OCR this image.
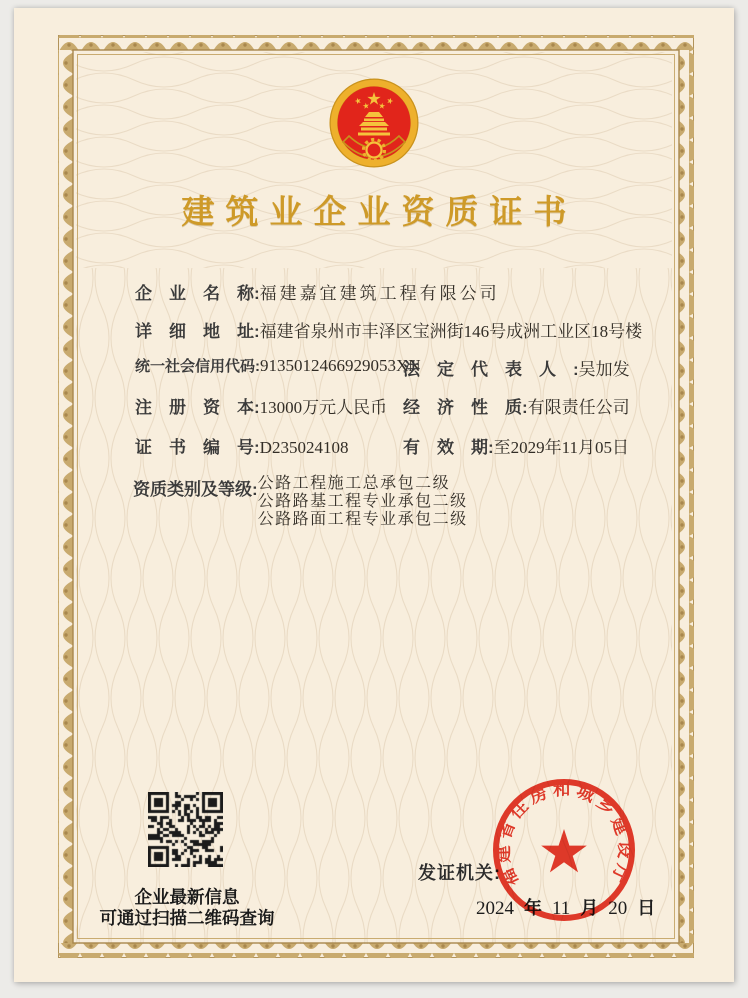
建筑业企业资质证书
企　业　名　称:福建嘉宜建筑工程有限公司
详　细　地　址:福建省泉州市丰泽区宝洲街146号成洲工业区18号楼
统一社会信用代码:9135012466929053XN
法　定　代　表　人　:吴加发
注　册　资　本:13000万元人民币 经　济　性　质:有限责任公司
证　书　编　号:D235024108	有　效　期:至2029年11月05日
资质类别及等级: 公路工程施工总承包二级
公路路基工程专业承包二级
公路路面工程专业承包二级
企业最新信息
可通过扫描二维码查询
发证机关:
2024 年 11 月 20 日
福建省住房和城乡建设厅
